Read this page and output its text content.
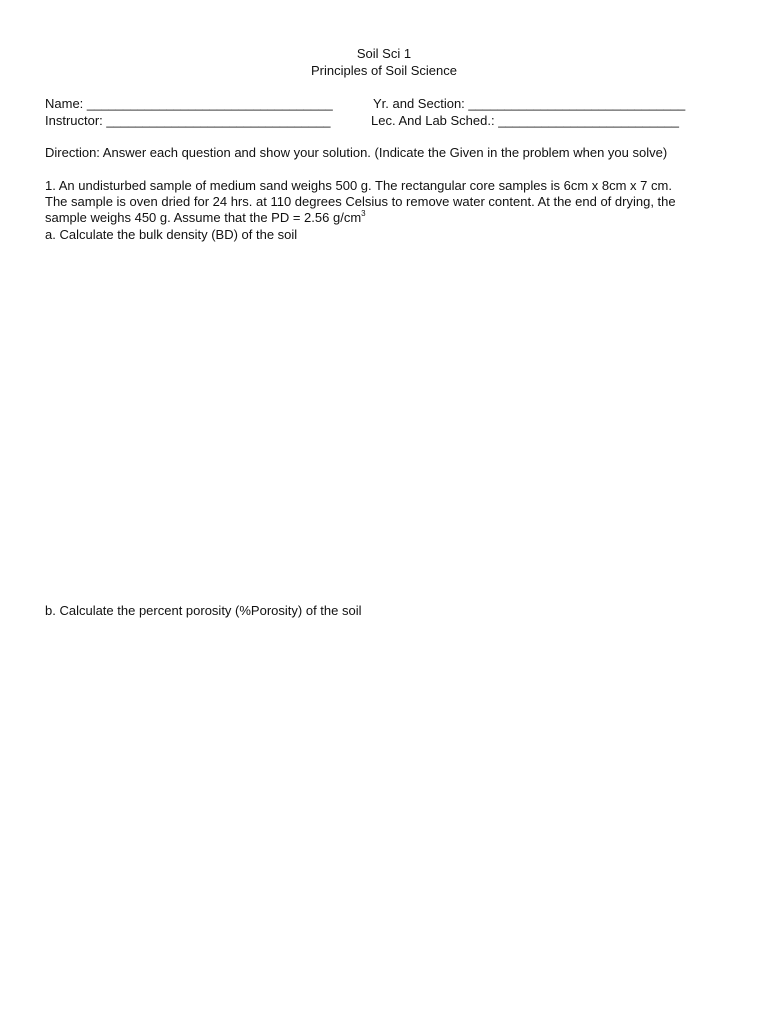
Soil Sci 1
Principles of Soil Science
Name: __________________________________	Yr. and Section: ______________________________
Instructor: _______________________________	Lec. And Lab Sched.: _________________________
Direction: Answer each question and show your solution. (Indicate the Given in the problem when you solve)
1. An undisturbed sample of medium sand weighs 500 g. The rectangular core samples is 6cm x 8cm x 7 cm.
The sample is oven dried for 24 hrs. at 110 degrees Celsius to remove water content. At the end of drying, the
sample weighs 450 g. Assume that the PD = 2.56 $g/cm^3$
a. Calculate the bulk density (BD) of the soil
b. Calculate the percent porosity (%Porosity) of the soil
